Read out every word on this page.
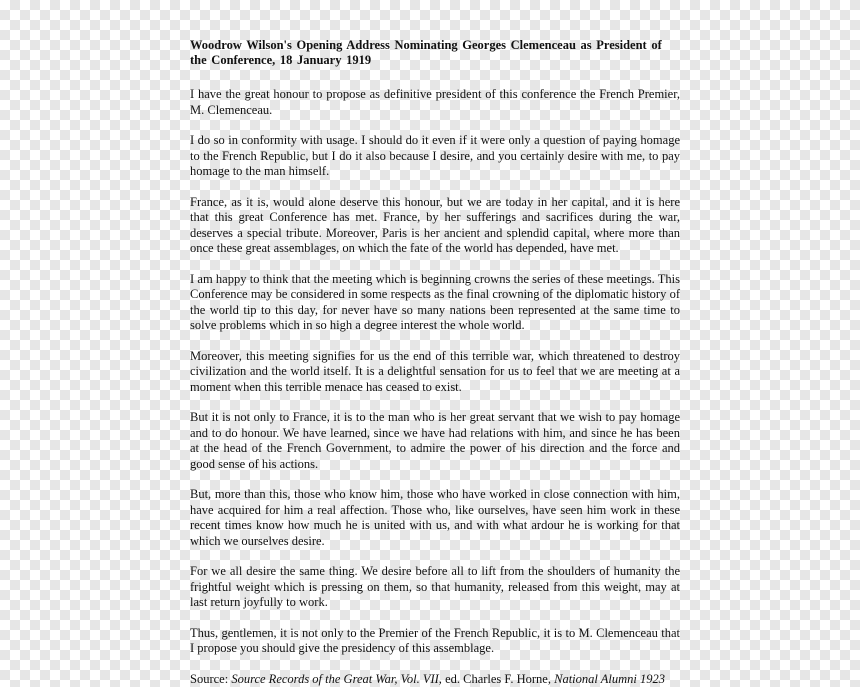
Woodrow Wilson's Opening Address Nominating Georges Clemenceau as President of the Conference, 18 January 1919

I have the great honour to propose as definitive president of this conference the French Premier, M. Clemenceau.

I do so in conformity with usage. I should do it even if it were only a question of paying homage to the French Republic, but I do it also because I desire, and you certainly desire with me, to pay homage to the man himself.

France, as it is, would alone deserve this honour, but we are today in her capital, and it is here that this great Conference has met. France, by her sufferings and sacrifices during the war, deserves a special tribute. Moreover, Paris is her ancient and splendid capital, where more than once these great assemblages, on which the fate of the world has depended, have met.

I am happy to think that the meeting which is beginning crowns the series of these meetings. This Conference may be considered in some respects as the final crowning of the diplomatic history of the world tip to this day, for never have so many nations been represented at the same time to solve problems which in so high a degree interest the whole world.

Moreover, this meeting signifies for us the end of this terrible war, which threatened to destroy civilization and the world itself. It is a delightful sensation for us to feel that we are meeting at a moment when this terrible menace has ceased to exist.

But it is not only to France, it is to the man who is her great servant that we wish to pay homage and to do honour. We have learned, since we have had relations with him, and since he has been at the head of the French Government, to admire the power of his direction and the force and good sense of his actions.

But, more than this, those who know him, those who have worked in close connection with him, have acquired for him a real affection. Those who, like ourselves, have seen him work in these recent times know how much he is united with us, and with what ardour he is working for that which we ourselves desire.

For we all desire the same thing. We desire before all to lift from the shoulders of humanity the frightful weight which is pressing on them, so that humanity, released from this weight, may at last return joyfully to work.

Thus, gentlemen, it is not only to the Premier of the French Republic, it is to M. Clemenceau that I propose you should give the presidency of this assemblage.

Source: Source Records of the Great War, Vol. VII, ed. Charles F. Horne, National Alumni 1923
